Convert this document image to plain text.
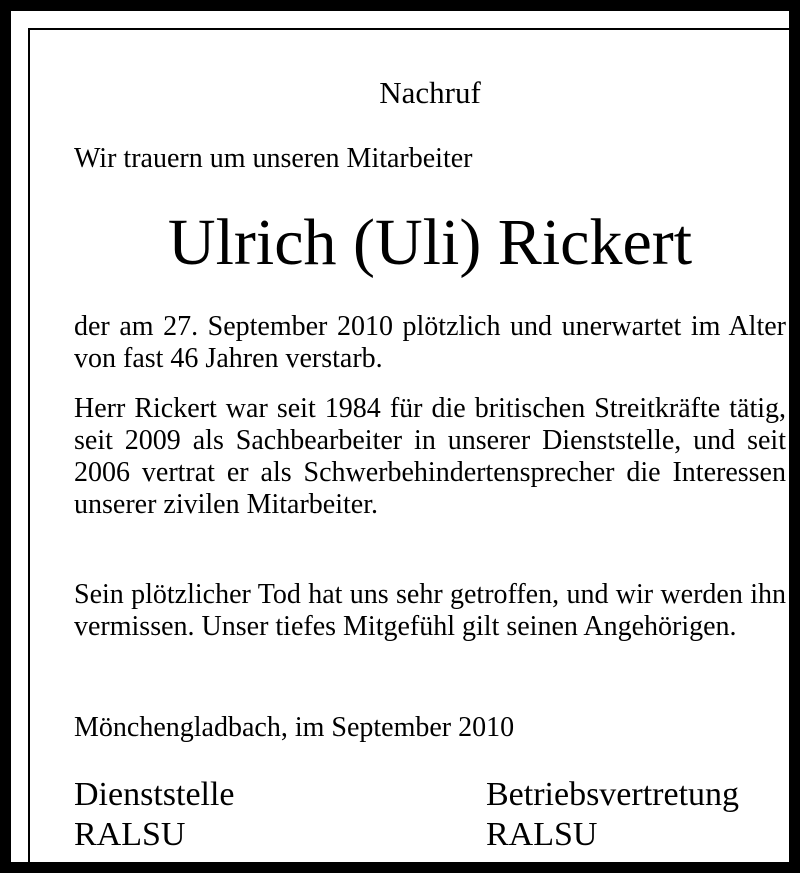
Nachruf

Wir trauern um unseren Mitarbeiter

Ulrich (Uli) Rickert

der am 27. September 2010 plötzlich und unerwartet im Alter von fast 46 Jahren verstarb.

Herr Rickert war seit 1984 für die britischen Streitkräfte tätig, seit 2009 als Sachbearbeiter in unserer Dienststelle, und seit 2006 vertrat er als Schwerbehindertensprecher die Interessen unserer zivilen Mitarbeiter.

Sein plötzlicher Tod hat uns sehr getroffen, und wir werden ihn vermissen. Unser tiefes Mitgefühl gilt seinen Angehörigen.

Mönchengladbach, im September 2010

Dienststelle
RALSU
Betriebsvertretung
RALSU
